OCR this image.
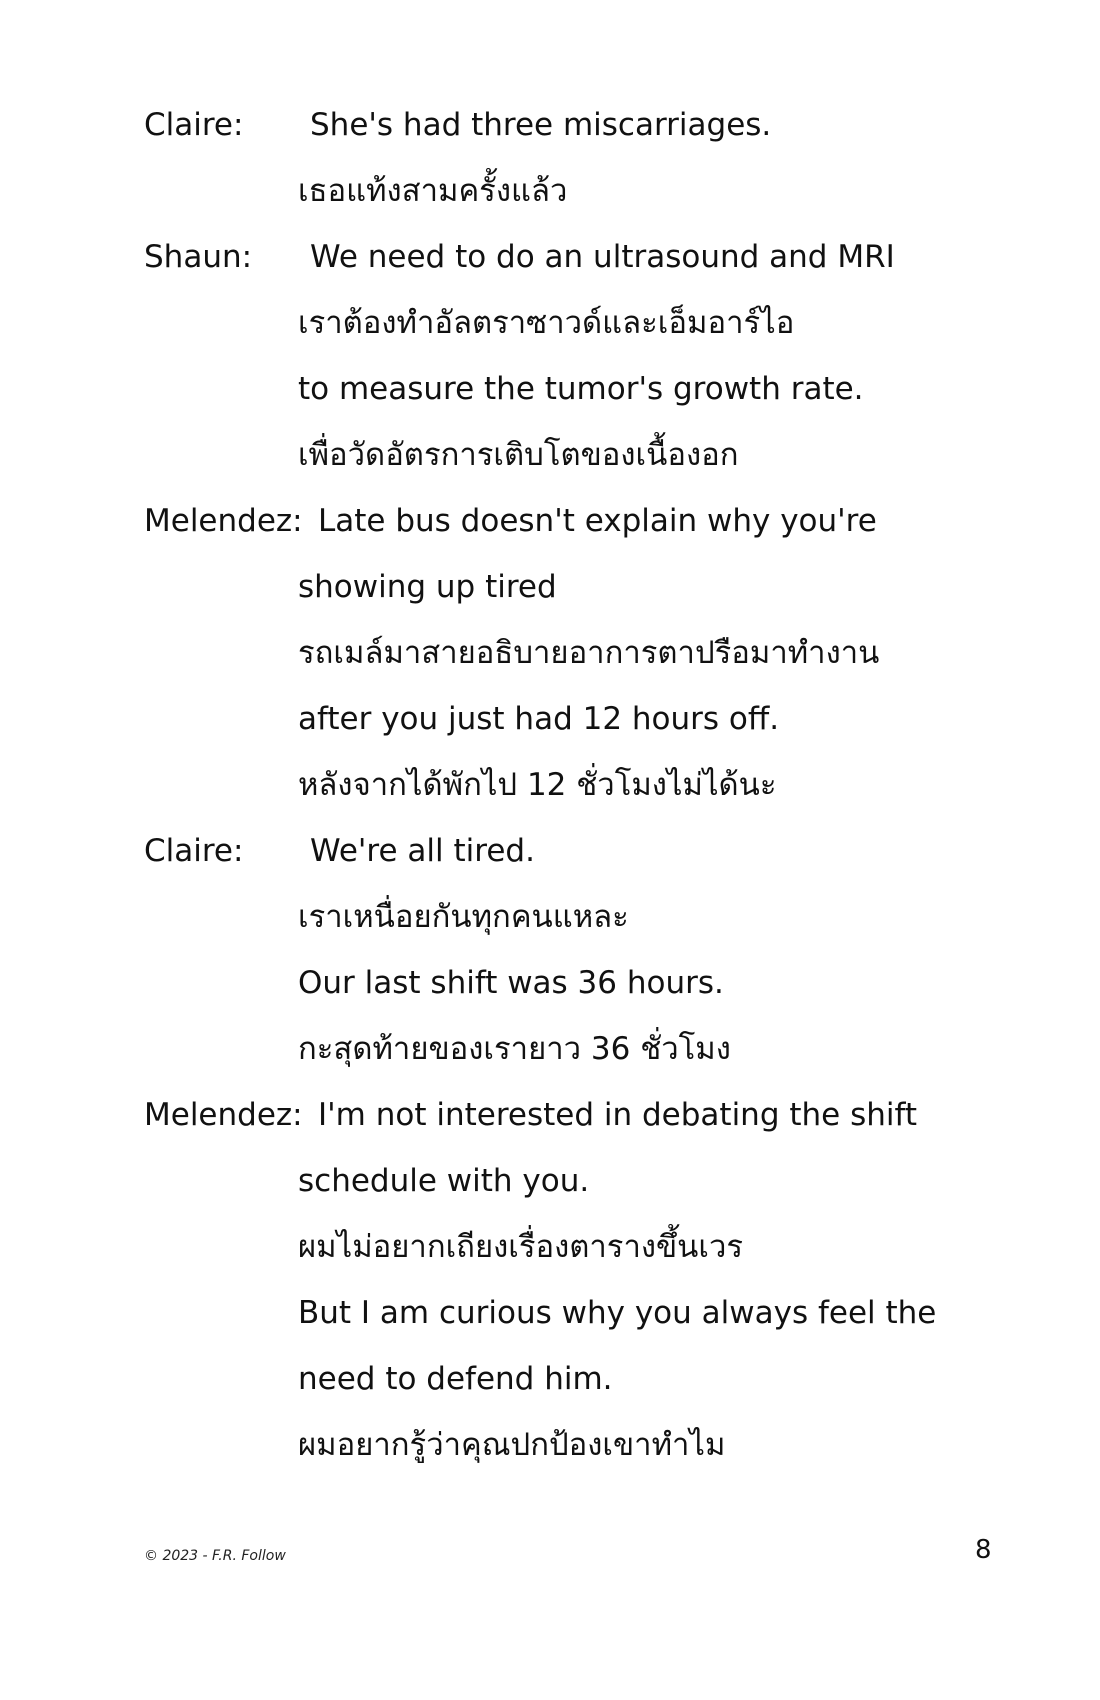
Claire: She's had three miscarriages.
เธอแท้งสามครั้งแล้ว
Shaun: We need to do an ultrasound and MRI
เราต้องทำอัลตราซาวด์และเอ็มอาร์ไอ
to measure the tumor's growth rate.
เพื่อวัดอัตรการเติบโตของเนื้องอก
Melendez: Late bus doesn't explain why you're
showing up tired
รถเมล์มาสายอธิบายอาการตาปรือมาทำงาน
after you just had 12 hours off.
หลังจากได้พักไป 12 ชั่วโมงไม่ได้นะ
Claire: We're all tired.
เราเหนื่อยกันทุกคนแหละ
Our last shift was 36 hours.
กะสุดท้ายของเรายาว 36 ชั่วโมง
Melendez: I'm not interested in debating the shift
schedule with you.
ผมไม่อยากเถียงเรื่องตารางขึ้นเวร
But I am curious why you always feel the
need to defend him.
ผมอยากรู้ว่าคุณปกป้องเขาทำไม
© 2023 - F.R. Follow	8
